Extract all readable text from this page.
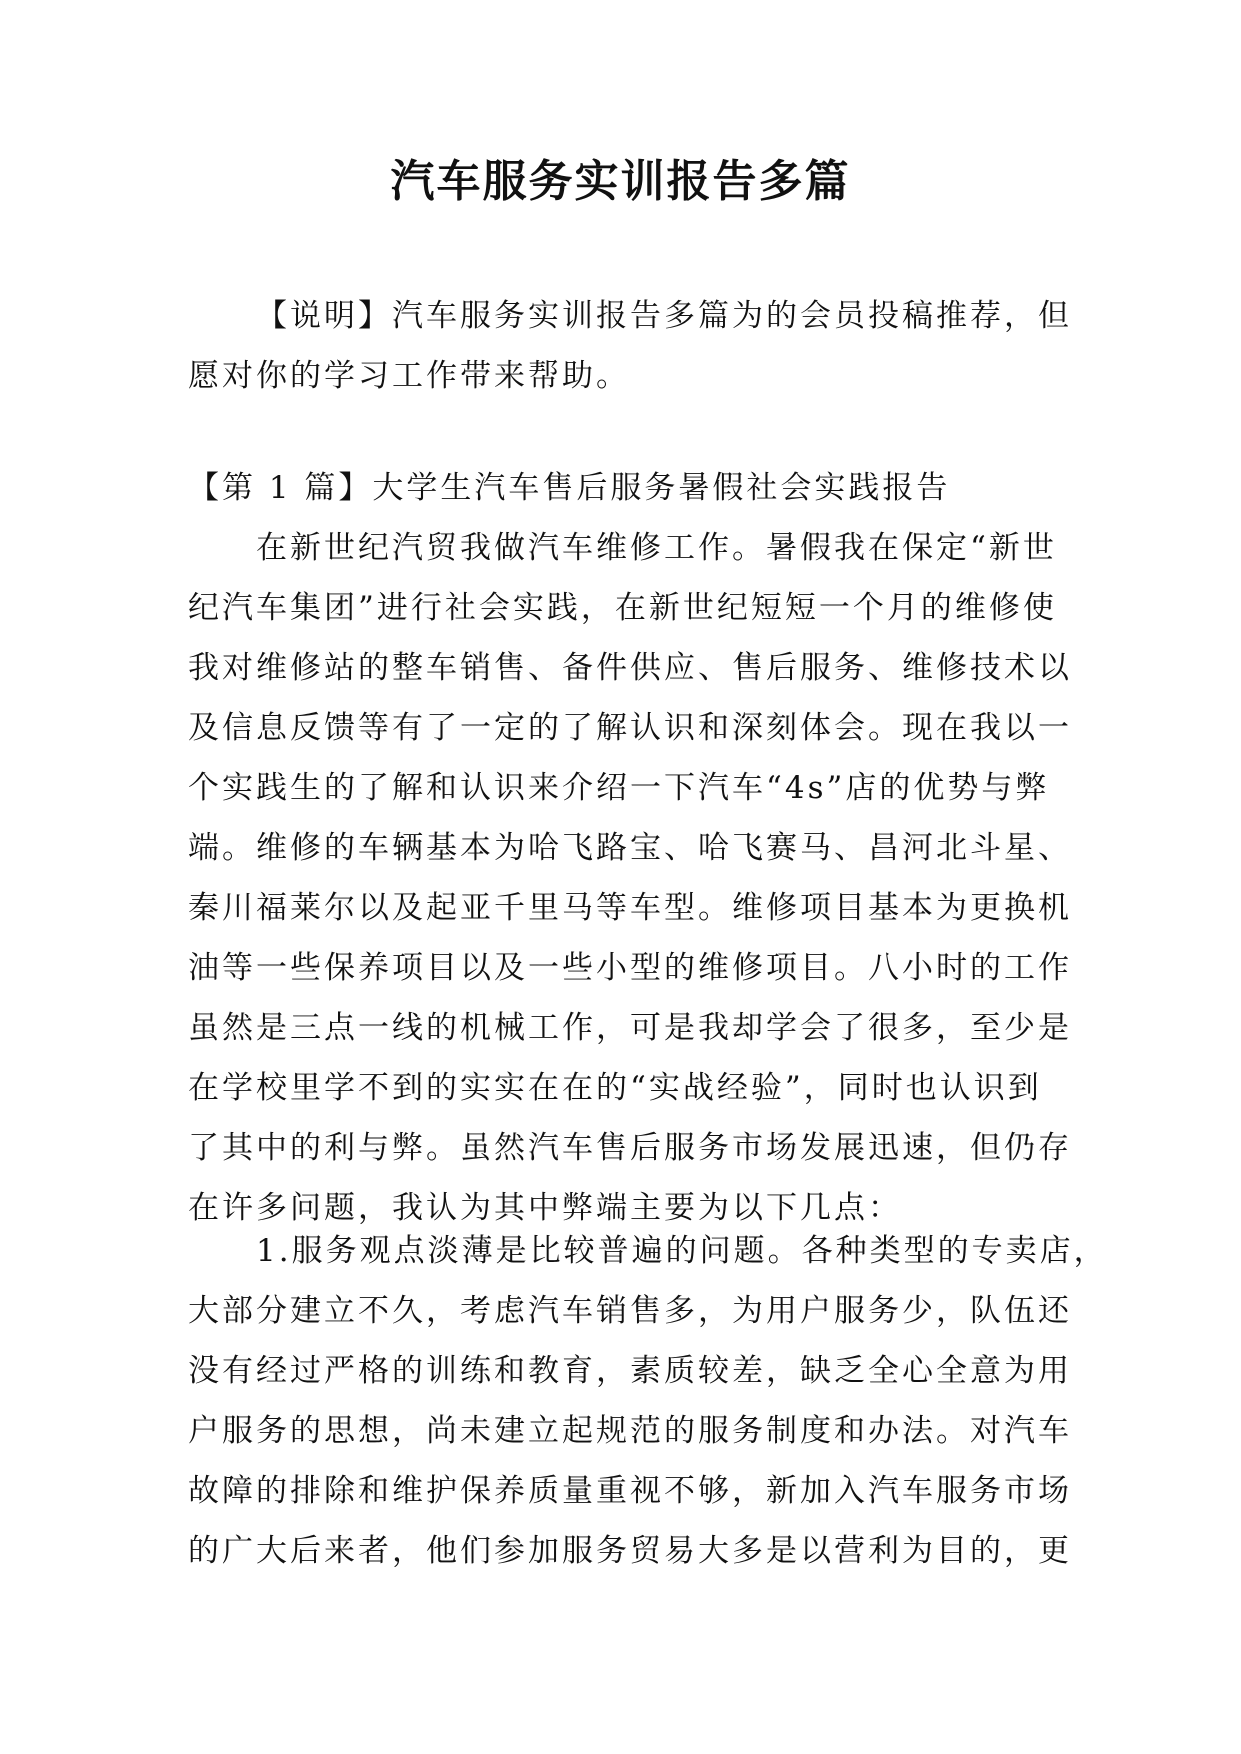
汽车服务实训报告多篇
【说明】汽车服务实训报告多篇为的会员投稿推荐，但
愿对你的学习工作带来帮助。
【第 1 篇】大学生汽车售后服务暑假社会实践报告
在新世纪汽贸我做汽车维修工作。暑假我在保定“新世
纪汽车集团”进行社会实践，在新世纪短短一个月的维修使
我对维修站的整车销售、备件供应、售后服务、维修技术以
及信息反馈等有了一定的了解认识和深刻体会。现在我以一
个实践生的了解和认识来介绍一下汽车“4s”店的优势与弊
端。维修的车辆基本为哈飞路宝、哈飞赛马、昌河北斗星、
秦川福莱尔以及起亚千里马等车型。维修项目基本为更换机
油等一些保养项目以及一些小型的维修项目。八小时的工作
虽然是三点一线的机械工作，可是我却学会了很多，至少是
在学校里学不到的实实在在的“实战经验”，同时也认识到
了其中的利与弊。虽然汽车售后服务市场发展迅速，但仍存
在许多问题，我认为其中弊端主要为以下几点：
1.服务观点淡薄是比较普遍的问题。各种类型的专卖店，
大部分建立不久，考虑汽车销售多，为用户服务少，队伍还
没有经过严格的训练和教育，素质较差，缺乏全心全意为用
户服务的思想，尚未建立起规范的服务制度和办法。对汽车
故障的排除和维护保养质量重视不够，新加入汽车服务市场
的广大后来者，他们参加服务贸易大多是以营利为目的，更
